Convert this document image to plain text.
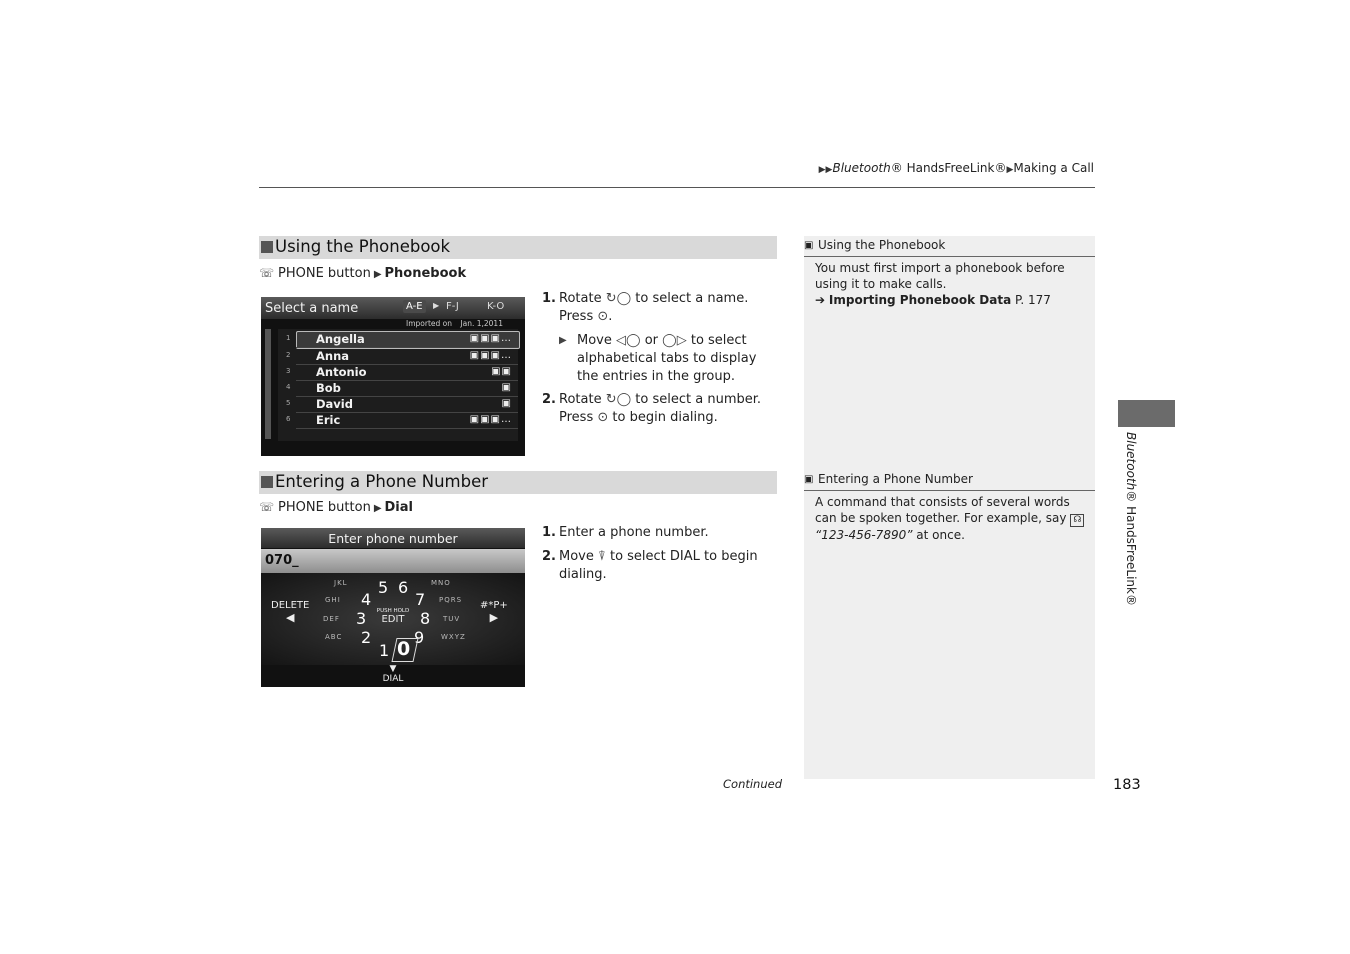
▶▶Bluetooth® HandsFreeLink®▶Making a Call
Using the Phonebook
☏ PHONE button ▶ Phonebook
Select a name	A-E	▶ F-J	K-O
Imported on Jan. 1,2011
1 Angella	▣▣▣…
2 Anna	▣▣▣…
3 Antonio	▣▣
4 Bob	▣
5 David	▣
6 Eric	▣▣▣…
1. Rotate ↻◯ to select a name. Press ⊙.
▶ Move ◁◯ or ◯▷ to select alphabetical tabs to display the entries in the group.
2. Rotate ↻◯ to select a number. Press ⊙ to begin dialing.
▣ Using the Phonebook
You must first import a phonebook before using it to make calls.
➔ Importing Phonebook Data P. 177
Entering a Phone Number
☏ PHONE button ▶ Dial
Enter phone number
070_
DELETE
◀
#*P+
▶
▼
DIAL
PUSH HOLD
EDIT
5 6
7
8
9
0
1
2
3
4
JKL	MNO
GHI	PQRS
DEF	TUV
ABC	WXYZ
1. Enter a phone number.
2. Move ⍒ to select DIAL to begin dialing.
▣ Entering a Phone Number
A command that consists of several words can be spoken together. For example, say ☊ “123-456-7890” at once.
Continued	183
Bluetooth® HandsFreeLink®
